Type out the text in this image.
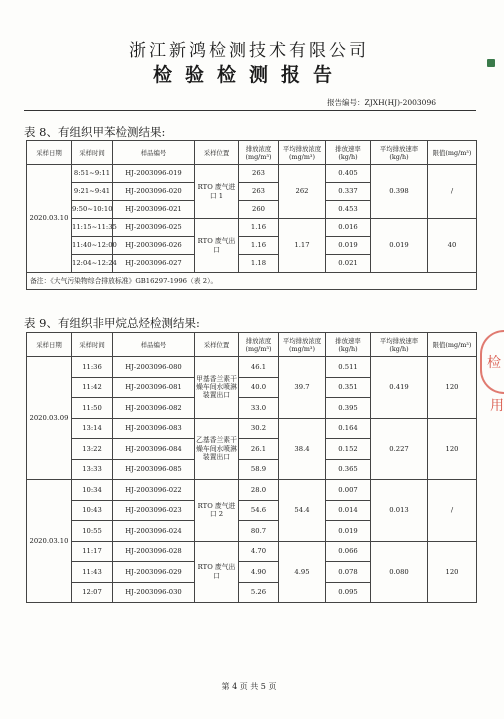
浙江新鸿检测技术有限公司
检验检测报告
报告编号：ZJXH(HJ)-2003096
表 8、有组织甲苯检测结果:
采样日期	采样时间	样品编号	采样位置	排放浓度(mg/m³)	平均排放浓度(mg/m³)	排放速率(kg/h)	平均排放速率(kg/h)	限值(mg/m³)
2020.03.10	8:51~9:11	HJ-2003096-019	RTO 废气进口 1	263	262	0.405	0.398	/
	9:21~9:41	HJ-2003096-020		263		0.337		
	9:50~10:10	HJ-2003096-021		260		0.453		
	11:15~11:35	HJ-2003096-025	RTO 废气出口	1.16	1.17	0.016	0.019	40
	11:40~12:00	HJ-2003096-026		1.16		0.019		
	12:04~12:24	HJ-2003096-027		1.18		0.021		
备注：《大气污染物综合排放标准》GB16297-1996（表 2）。								
表 9、有组织非甲烷总烃检测结果:
采样日期	采样时间	样品编号	采样位置	排放浓度(mg/m³)	平均排放浓度(mg/m³)	排放速率(kg/h)	平均排放速率(kg/h)	限值(mg/m³)
2020.03.09	11:36	HJ-2003096-080	甲基香兰素干燥车间水喷淋装置出口	46.1	39.7	0.511	0.419	120
	11:42	HJ-2003096-081		40.0		0.351		
	11:50	HJ-2003096-082		33.0		0.395		
	13:14	HJ-2003096-083	乙基香兰素干燥车间水喷淋装置出口	30.2	38.4	0.164	0.227	120
	13:22	HJ-2003096-084		26.1		0.152		
	13:33	HJ-2003096-085		58.9		0.365		
2020.03.10	10:34	HJ-2003096-022	RTO 废气进口 2	28.0	54.4	0.007	0.013	/
	10:43	HJ-2003096-023		54.6		0.014		
	10:55	HJ-2003096-024		80.7		0.019		
	11:17	HJ-2003096-028	RTO 废气出口	4.70	4.95	0.066	0.080	120
	11:43	HJ-2003096-029		4.90		0.078		
	12:07	HJ-2003096-030		5.26		0.095		
第 4 页 共 5 页
检
用
